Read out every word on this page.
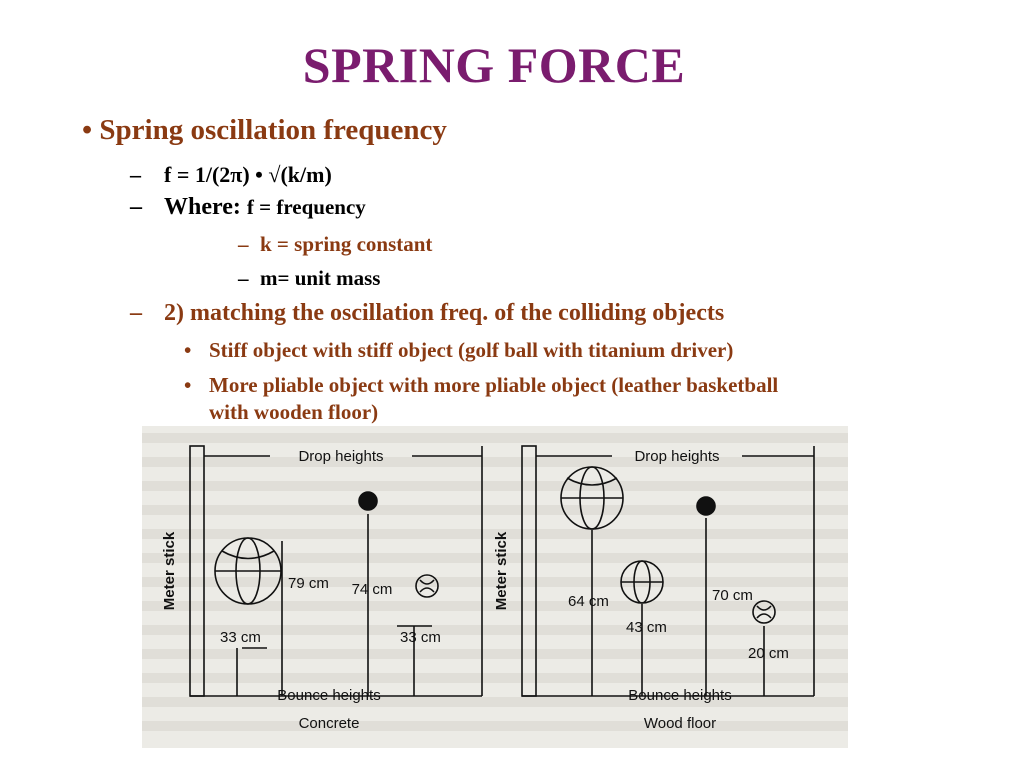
SPRING FORCE
• Spring oscillation frequency
– f = 1/(2π) • √(k/m)
– Where: f = frequency
– k = spring constant
– m= unit mass
– 2) matching the oscillation freq. of the colliding objects
• Stiff object with stiff object (golf ball with titanium driver)
• More pliable object with more pliable object (leather basketball
with wooden floor)
Drop heights
Meter stick	79 cm 74 cm
33 cm	33 cm
Bounce heights
Concrete
Drop heights
Meter stick	64 cm	70 cm
43 cm
20 cm
Bounce heights
Wood floor
